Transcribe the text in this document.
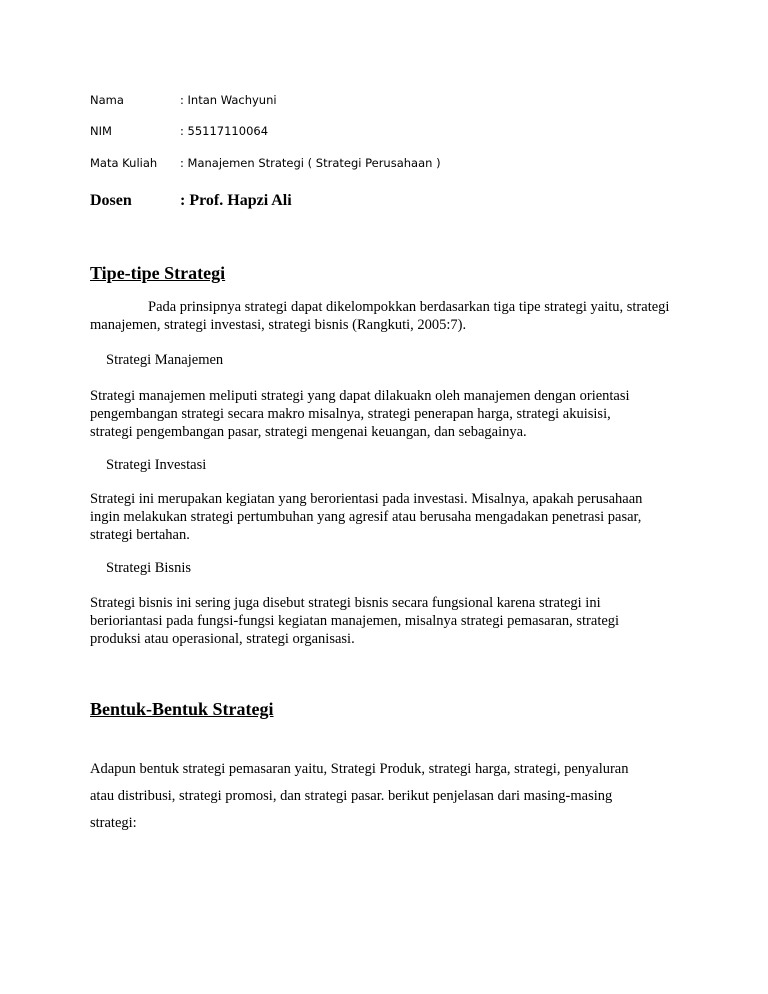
Nama	: Intan Wachyuni
NIM	: 55117110064
Mata Kuliah	: Manajemen Strategi ( Strategi Perusahaan )
Dosen	: Prof. Hapzi Ali
Tipe-tipe Strategi
Pada prinsipnya strategi dapat dikelompokkan berdasarkan tiga tipe strategi yaitu, strategi
manajemen, strategi investasi, strategi bisnis (Rangkuti, 2005:7).
Strategi Manajemen
Strategi manajemen meliputi strategi yang dapat dilakuakn oleh manajemen dengan orientasi
pengembangan strategi secara makro misalnya, strategi penerapan harga, strategi akuisisi,
strategi pengembangan pasar, strategi mengenai keuangan, dan sebagainya.
Strategi Investasi
Strategi ini merupakan kegiatan yang berorientasi pada investasi. Misalnya, apakah perusahaan
ingin melakukan strategi pertumbuhan yang agresif atau berusaha mengadakan penetrasi pasar,
strategi bertahan.
Strategi Bisnis
Strategi bisnis ini sering juga disebut strategi bisnis secara fungsional karena strategi ini
berioriantasi pada fungsi-fungsi kegiatan manajemen, misalnya strategi pemasaran, strategi
produksi atau operasional, strategi organisasi.
Bentuk-Bentuk Strategi
Adapun bentuk strategi pemasaran yaitu, Strategi Produk, strategi harga, strategi, penyaluran
atau distribusi, strategi promosi, dan strategi pasar. berikut penjelasan dari masing-masing
strategi:
